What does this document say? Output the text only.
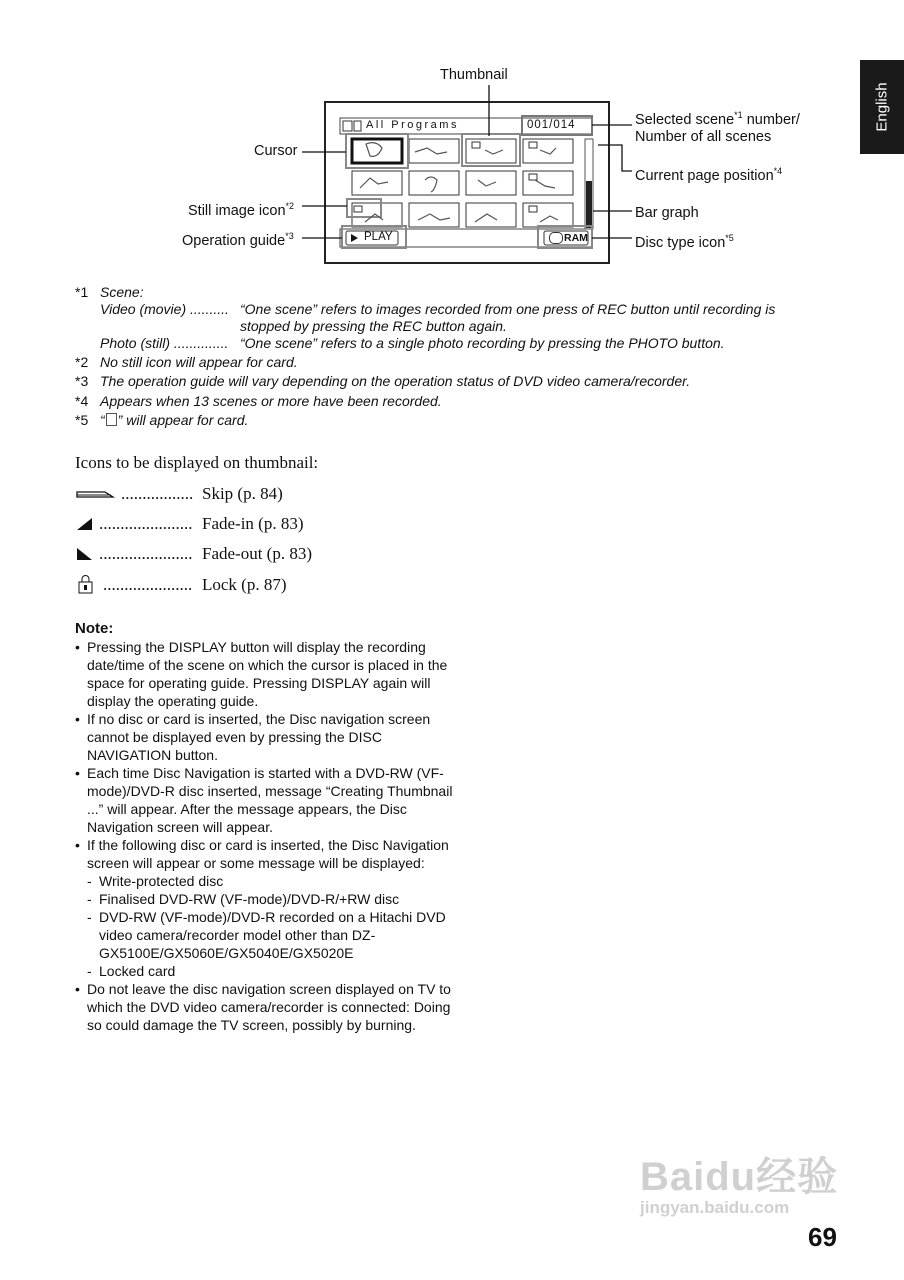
English
All Programs	001/014
PLAY	RAM
Thumbnail
Cursor
Still image icon$^{*2}$
Operation guide$^{*3}$
Selected scene$^{*1}$ number/
Number of all scenes
Current page position$^{*4}$
Bar graph
Disc type icon$^{*5}$
*1 Scene:
Video (movie) .......... “One scene” refers to images recorded from one press of REC button until recording is
stopped by pressing the REC button again.
Photo (still) .............. “One scene” refers to a single photo recording by pressing the PHOTO button.
*2 No still icon will appear for card.
*3 The operation guide will vary depending on the operation status of DVD video camera/recorder.
*4 Appears when 13 scenes or more have been recorded.
*5 “ ” will appear for card.
Icons to be displayed on thumbnail:
................. Skip (p. 84)
...................... Fade-in (p. 83)
...................... Fade-out (p. 83)
..................... Lock (p. 87)
Note:
• Pressing the DISPLAY button will display the recording date/time of the scene on which the cursor is placed in the space for operating guide. Pressing DISPLAY again will display the operating guide.
• If no disc or card is inserted, the Disc navigation screen cannot be displayed even by pressing the DISC NAVIGATION button.
• Each time Disc Navigation is started with a DVD-RW (VF-mode)/DVD-R disc inserted, message “Creating Thumbnail ...” will appear. After the message appears, the Disc Navigation screen will appear.
• If the following disc or card is inserted, the Disc Navigation screen will appear or some message will be displayed:
- Write-protected disc
- Finalised DVD-RW (VF-mode)/DVD-R/+RW disc
- DVD-RW (VF-mode)/DVD-R recorded on a Hitachi DVD video camera/recorder model other than DZ-GX5100E/GX5060E/GX5040E/GX5020E
- Locked card
• Do not leave the disc navigation screen displayed on TV to which the DVD video camera/recorder is connected: Doing so could damage the TV screen, possibly by burning.
Baidu经验
jingyan.baidu.com
69
